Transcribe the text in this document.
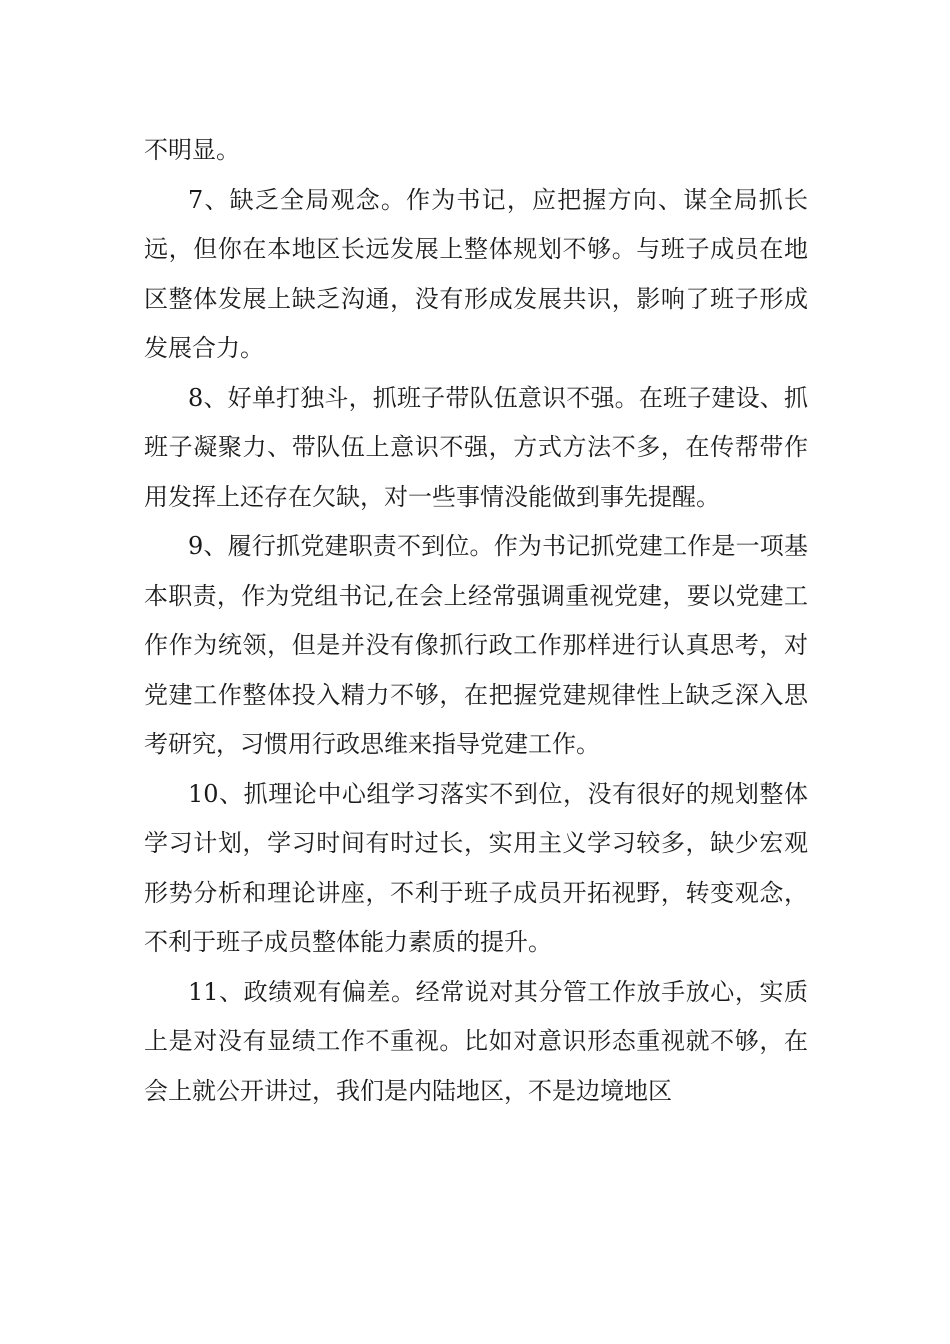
不明显。

7、缺乏全局观念。作为书记，应把握方向、谋全局抓长远，但你在本地区长远发展上整体规划不够。与班子成员在地区整体发展上缺乏沟通，没有形成发展共识，影响了班子形成发展合力。

8、好单打独斗，抓班子带队伍意识不强。在班子建设、抓班子凝聚力、带队伍上意识不强，方式方法不多，在传帮带作用发挥上还存在欠缺，对一些事情没能做到事先提醒。

9、履行抓党建职责不到位。作为书记抓党建工作是一项基本职责，作为党组书记,在会上经常强调重视党建，要以党建工作作为统领，但是并没有像抓行政工作那样进行认真思考，对党建工作整体投入精力不够，在把握党建规律性上缺乏深入思考研究，习惯用行政思维来指导党建工作。

10、抓理论中心组学习落实不到位，没有很好的规划整体学习计划，学习时间有时过长，实用主义学习较多，缺少宏观形势分析和理论讲座，不利于班子成员开拓视野，转变观念，不利于班子成员整体能力素质的提升。

11、政绩观有偏差。经常说对其分管工作放手放心，实质上是对没有显绩工作不重视。比如对意识形态重视就不够，在会上就公开讲过，我们是内陆地区，不是边境地区
